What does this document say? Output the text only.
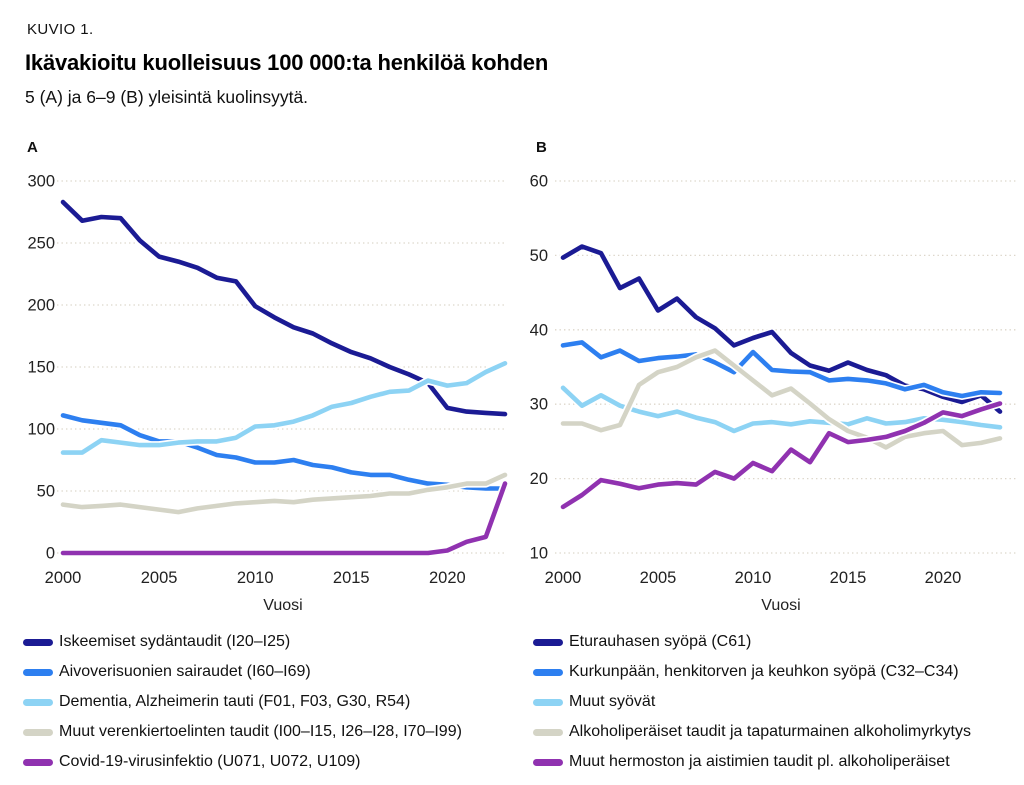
KUVIO 1.
Ikävakioitu kuolleisuus 100 000:ta henkilöä kohden
5 (A) ja 6–9 (B) yleisintä kuolinsyytä.
A	B
0
50
100
150
200
250
300
2000	2005	2010	2015	2020
Vuosi
10
20
30
40
50
60
2000	2005	2010	2015	2020
Vuosi
Iskeemiset sydäntaudit (I20–I25)
Aivoverisuonien sairaudet (I60–I69)
Dementia, Alzheimerin tauti (F01, F03, G30, R54)
Muut verenkiertoelinten taudit (I00–I15, I26–I28, I70–I99)
Covid-19-virusinfektio (U071, U072, U109)
Eturauhasen syöpä (C61)
Kurkunpään, henkitorven ja keuhkon syöpä (C32–C34)
Muut syövät
Alkoholiperäiset taudit ja tapaturmainen alkoholimyrkytys
Muut hermoston ja aistimien taudit pl. alkoholiperäiset
